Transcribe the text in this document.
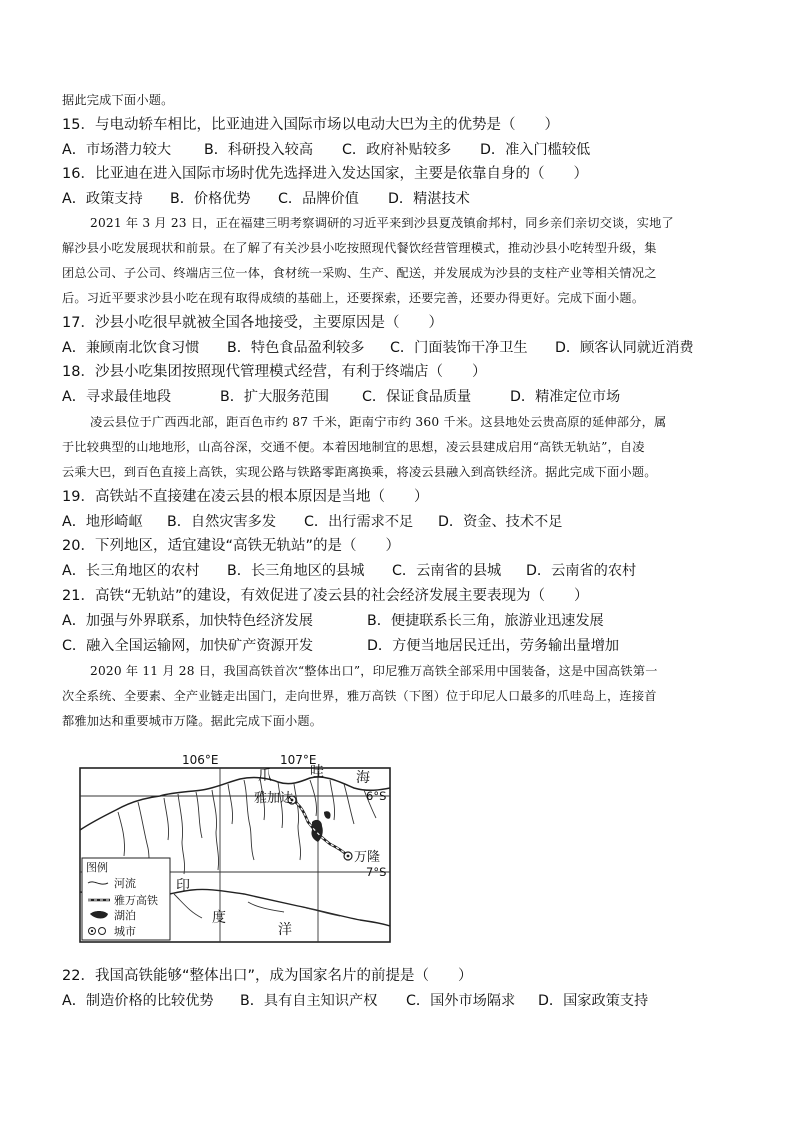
据此完成下面小题。
15．与电动轿车相比，比亚迪进入国际市场以电动大巴为主的优势是（　　）
A．市场潜力较大	B．科研投入较高	C．政府补贴较多	D．准入门槛较低
16．比亚迪在进入国际市场时优先选择进入发达国家，主要是依靠自身的（　　）
A．政策支持	B．价格优势	C．品牌价值	D．精湛技术
2021 年 3 月 23 日，正在福建三明考察调研的习近平来到沙县夏茂镇俞邦村，同乡亲们亲切交谈，实地了
解沙县小吃发展现状和前景。在了解了有关沙县小吃按照现代餐饮经营管理模式，推动沙县小吃转型升级，集
团总公司、子公司、终端店三位一体，食材统一采购、生产、配送，并发展成为沙县的支柱产业等相关情况之
后。习近平要求沙县小吃在现有取得成绩的基础上，还要探索，还要完善，还要办得更好。完成下面小题。
17．沙县小吃很早就被全国各地接受，主要原因是（　　）
A．兼顾南北饮食习惯	B．特色食品盈利较多	C．门面装饰干净卫生	D．顾客认同就近消费
18．沙县小吃集团按照现代管理模式经营，有利于终端店（　　）
A．寻求最佳地段	B．扩大服务范围	C．保证食品质量	D．精准定位市场
凌云县位于广西西北部，距百色市约 87 千米，距南宁市约 360 千米。这县地处云贵高原的延伸部分，属
于比较典型的山地地形，山高谷深，交通不便。本着因地制宜的思想，凌云县建成启用“高铁无轨站”，自凌
云乘大巴，到百色直接上高铁，实现公路与铁路零距离换乘，将凌云县融入到高铁经济。据此完成下面小题。
19．高铁站不直接建在凌云县的根本原因是当地（　　）
A．地形崎岖	B．自然灾害多发	C．出行需求不足	D．资金、技术不足
20．下列地区，适宜建设“高铁无轨站”的是（　　）
A．长三角地区的农村	B．长三角地区的县城	C．云南省的县城	D．云南省的农村
21．高铁“无轨站”的建设，有效促进了凌云县的社会经济发展主要表现为（　　）
A．加强与外界联系，加快特色经济发展	B．便捷联系长三角，旅游业迅速发展
C．融入全国运输网，加快矿产资源开发	D．方便当地居民迁出，劳务输出量增加
2020 年 11 月 28 日，我国高铁首次“整体出口”，印尼雅万高铁全部采用中国装备，这是中国高铁第一
次全系统、全要素、全产业链走出国门，走向世界，雅万高铁（下图）位于印尼人口最多的爪哇岛上，连接首
都雅加达和重要城市万隆。据此完成下面小题。
雅加达
万隆
106°E	107°E
6°S
7°S
爪	哇 海
印
度
洋
图例
河流
雅万高铁
湖泊
城市
22．我国高铁能够“整体出口”，成为国家名片的前提是（　　）
A．制造价格的比较优势	B．具有自主知识产权	C．国外市场隔求	D．国家政策支持
